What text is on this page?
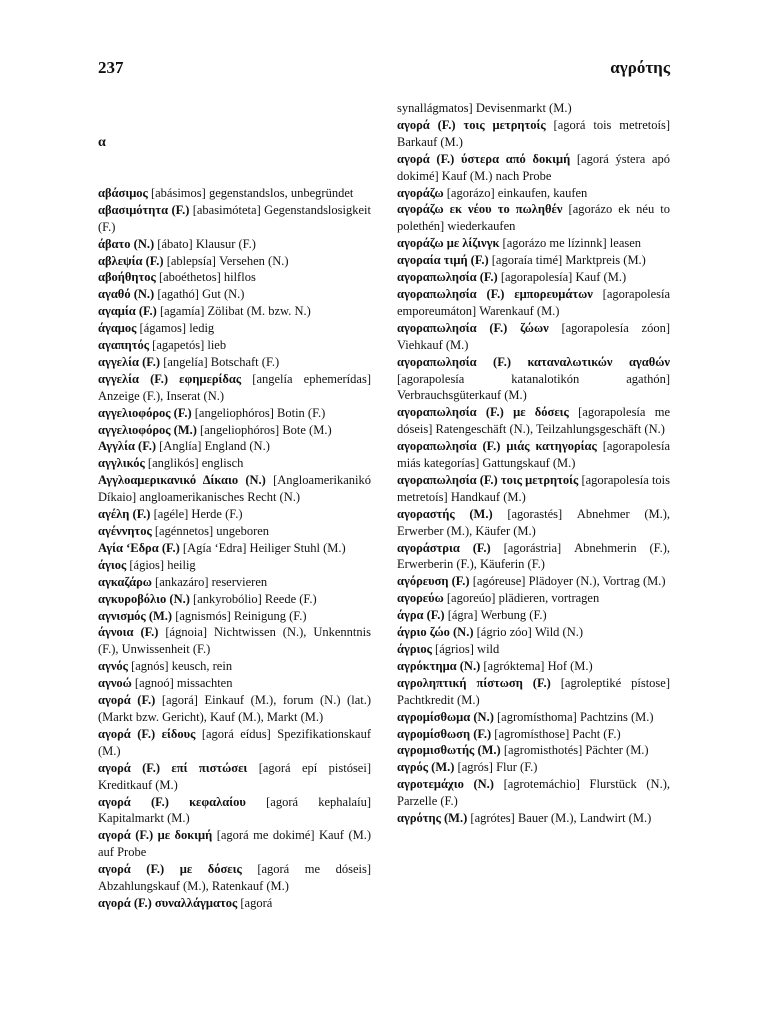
237	αγρότης

synallágmatos] Devisenmarkt (M.)

αγορά (F.) τοις μετρητοίς [agorá tois metretoís] Barkauf (M.)

αγορά (F.) ύστερα από δοκιμή [agorá ýstera apó dokimé] Kauf (M.) nach Probe

αγοράζω [agorázo] einkaufen, kaufen

αγοράζω εκ νέου το πωληθέν [agorázo ek néu to polethén] wiederkaufen

αγοράζω με λίζινγκ [agorázo me lízinnk] leasen

αγοραία τιμή (F.) [agoraía timé] Marktpreis (M.)

αγοραπωλησία (F.) [agorapolesía] Kauf (M.)

αγοραπωλησία (F.) εμπορευμάτων [agorapolesía emporeumáton] Warenkauf (M.)

αγοραπωλησία (F.) ζώων [agorapolesía zóon] Viehkauf (M.)

αγοραπωλησία (F.) καταναλωτικών αγαθών [agorapolesía katanalotikón agathón] Verbrauchsgüterkauf (M.)

αγοραπωλησία (F.) με δόσεις [agorapolesía me dóseis] Ratengeschäft (N.), Teilzahlungsgeschäft (N.)

αγοραπωλησία (F.) μιάς κατηγορίας [agorapolesía miás kategorías] Gattungskauf (M.)

αγοραπωλησία (F.) τοις μετρητοίς [agorapolesía tois metretoís] Handkauf (M.)

αγοραστής (M.) [agorastés] Abnehmer (M.), Erwerber (M.), Käufer (M.)

αγοράστρια (F.) [agorástria] Abnehmerin (F.), Erwerberin (F.), Käuferin (F.)

αγόρευση (F.) [agóreuse] Plädoyer (N.), Vortrag (M.)

αγορεύω [agoreúo] plädieren, vortragen

άγρα (F.) [ágra] Werbung (F.)

άγριο ζώο (N.) [ágrio zóo] Wild (N.)

άγριος [ágrios] wild

αγρόκτημα (N.) [agróktema] Hof (M.)

αγροληπτική πίστωση (F.) [agroleptiké pístose] Pachtkredit (M.)

αγρομίσθωμα (N.) [agromísthoma] Pachtzins (M.)

αγρομίσθωση (F.) [agromísthose] Pacht (F.)

αγρομισθωτής (M.) [agromisthotés] Pächter (M.)

αγρός (M.) [agrós] Flur (F.)

αγροτεμάχιο (N.) [agrotemáchio] Flurstück (N.), Parzelle (F.)

αγρότης (M.) [agrótes] Bauer (M.), Landwirt (M.)

α

αβάσιμος [abásimos] gegenstandslos, unbegründet

αβασιμότητα (F.) [abasimóteta] Gegenstandslosigkeit (F.)

άβατο (N.) [ábato] Klausur (F.)

αβλεψία (F.) [ablepsía] Versehen (N.)

αβοήθητος [aboéthetos] hilflos

αγαθό (N.) [agathó] Gut (N.)

αγαμία (F.) [agamía] Zölibat (M. bzw. N.)

άγαμος [ágamos] ledig

αγαπητός [agapetós] lieb

αγγελία (F.) [angelía] Botschaft (F.)

αγγελία (F.) εφημερίδας [angelía ephemerídas] Anzeige (F.), Inserat (N.)

αγγελιοφόρος (F.) [angeliophóros] Botin (F.)

αγγελιοφόρος (M.) [angeliophóros] Bote (M.)

Αγγλία (F.) [Anglía] England (N.)

αγγλικός [anglikós] englisch

Αγγλοαμερικανικό Δίκαιο (N.) [Angloamerikanikó Díkaio] angloamerikanisches Recht (N.)

αγέλη (F.) [agéle] Herde (F.)

αγέννητος [agénnetos] ungeboren

Αγία ‘Εδρα (F.) [Agía ‘Edra] Heiliger Stuhl (M.)

άγιος [ágios] heilig

αγκαζάρω [ankazáro] reservieren

αγκυροβόλιο (N.) [ankyrobólio] Reede (F.)

αγνισμός (M.) [agnismós] Reinigung (F.)

άγνοια (F.) [ágnoia] Nichtwissen (N.), Unkenntnis (F.), Unwissenheit (F.)

αγνός [agnós] keusch, rein

αγνοώ [agnoó] missachten

αγορά (F.) [agorá] Einkauf (M.), forum (N.) (lat.) (Markt bzw. Gericht), Kauf (M.), Markt (M.)

αγορά (F.) είδους [agorá eídus] Spezifikationskauf (M.)

αγορά (F.) επί πιστώσει [agorá epí pistósei] Kreditkauf (M.)

αγορά (F.) κεφαλαίου [agorá kephalaíu] Kapitalmarkt (M.)

αγορά (F.) με δοκιμή [agorá me dokimé] Kauf (M.) auf Probe

αγορά (F.) με δόσεις [agorá me dóseis] Abzahlungskauf (M.), Ratenkauf (M.)

αγορά (F.) συναλλάγματος [agorá
